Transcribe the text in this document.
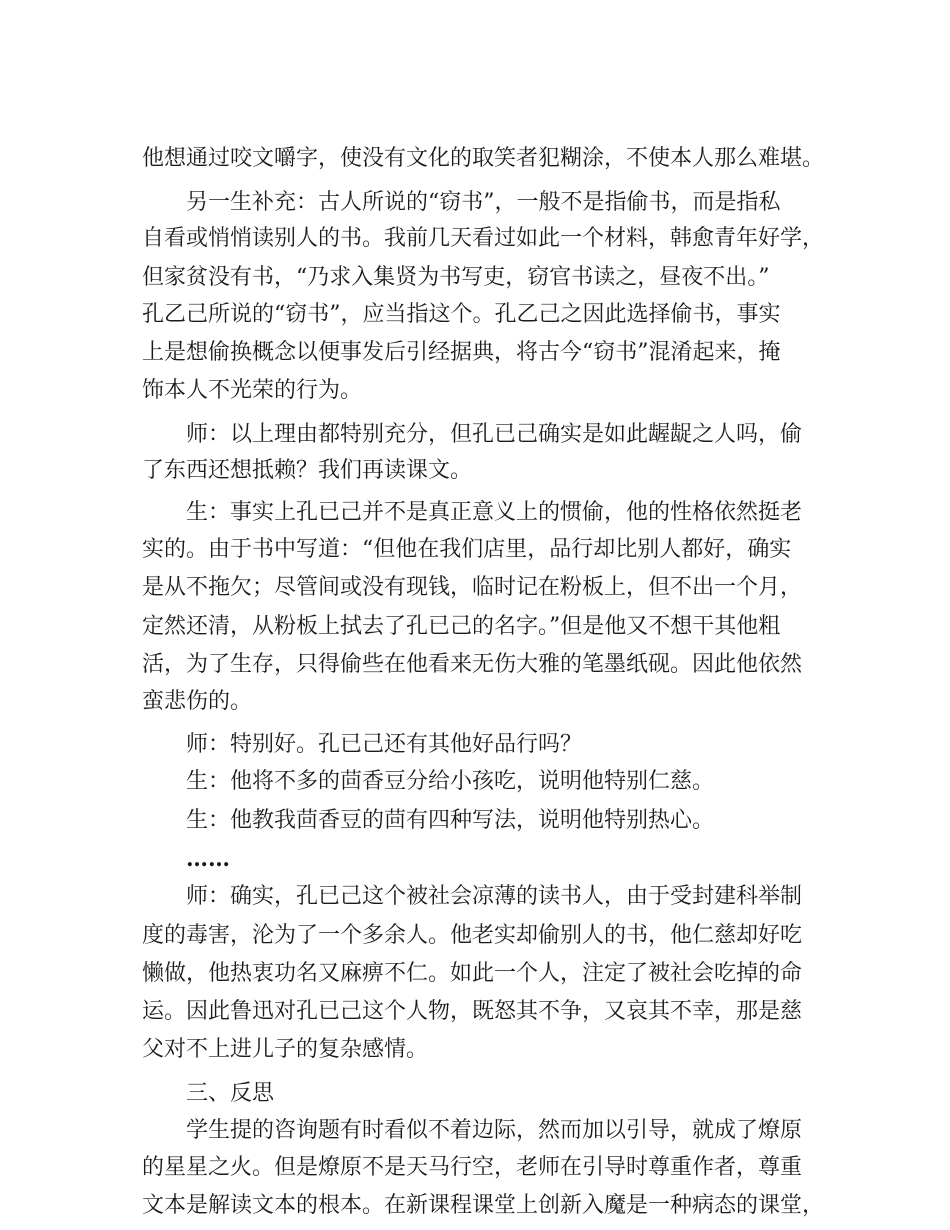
他想通过咬文嚼字，使没有文化的取笑者犯糊涂，不使本人那么难堪。
另一生补充：古人所说的“窃书”，一般不是指偷书，而是指私
自看或悄悄读别人的书。我前几天看过如此一个材料，韩愈青年好学，
但家贫没有书，“乃求入集贤为书写吏，窃官书读之，昼夜不出。”
孔乙己所说的“窃书”，应当指这个。孔乙己之因此选择偷书，事实
上是想偷换概念以便事发后引经据典，将古今“窃书”混淆起来，掩
饰本人不光荣的行为。
师：以上理由都特别充分，但孔已己确实是如此龌龊之人吗，偷
了东西还想抵赖？我们再读课文。
生：事实上孔已己并不是真正意义上的惯偷，他的性格依然挺老
实的。由于书中写道：“但他在我们店里，品行却比别人都好，确实
是从不拖欠；尽管间或没有现钱，临时记在粉板上，但不出一个月，
定然还清，从粉板上拭去了孔已己的名字。”但是他又不想干其他粗
活，为了生存，只得偷些在他看来无伤大雅的笔墨纸砚。因此他依然
蛮悲伤的。
师：特别好。孔已己还有其他好品行吗？
生：他将不多的茴香豆分给小孩吃，说明他特别仁慈。
生：他教我茴香豆的茴有四种写法，说明他特别热心。
……
师：确实，孔已己这个被社会凉薄的读书人，由于受封建科举制
度的毒害，沦为了一个多余人。他老实却偷别人的书，他仁慈却好吃
懒做，他热衷功名又麻痹不仁。如此一个人，注定了被社会吃掉的命
运。因此鲁迅对孔已己这个人物，既怒其不争，又哀其不幸，那是慈
父对不上进儿子的复杂感情。
三、反思
学生提的咨询题有时看似不着边际，然而加以引导，就成了燎原
的星星之火。但是燎原不是天马行空，老师在引导时尊重作者，尊重
文本是解读文本的根本。在新课程课堂上创新入魔是一种病态的课堂，
